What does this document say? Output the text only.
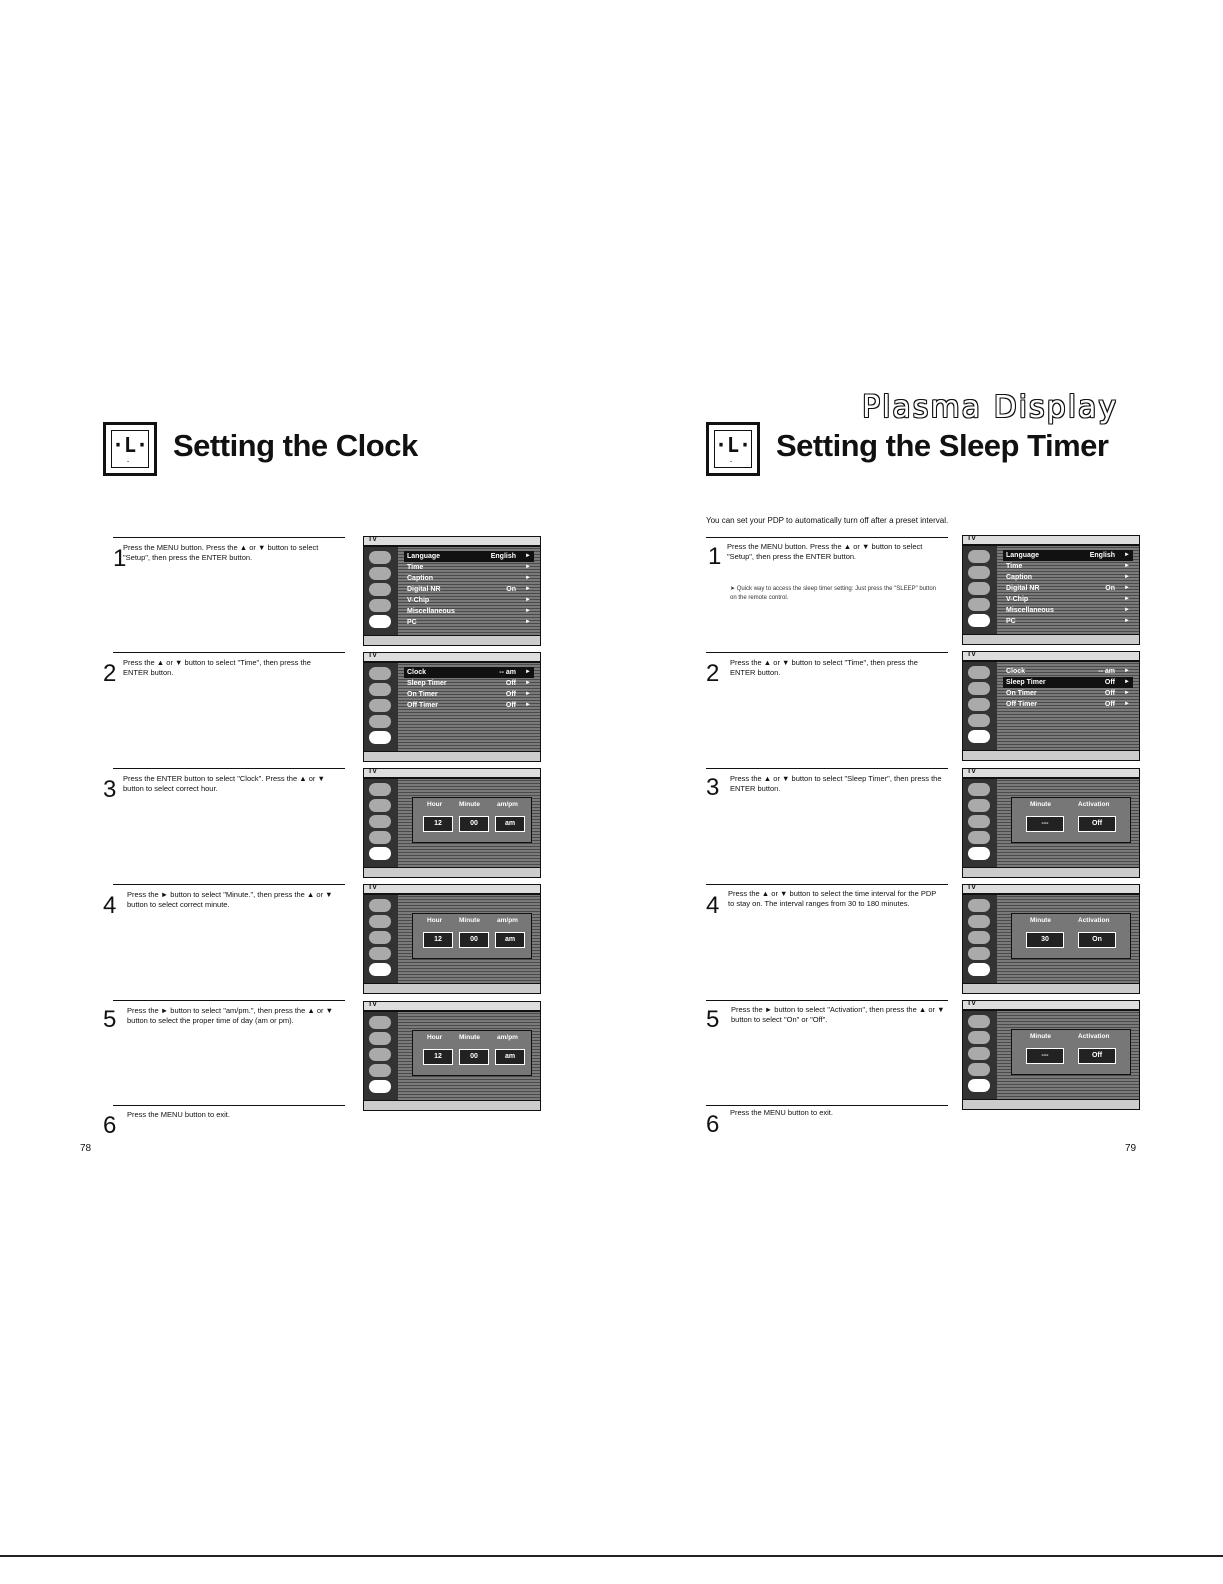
·L·
·	Setting the Clock
1
Press the MENU button. Press the ▲ or ▼ button to select "Setup", then press the ENTER button.
2 Press the ▲ or ▼ button to select "Time", then press the ENTER button.
3 Press the ENTER button to select "Clock". Press the ▲ or ▼ button to select correct hour.
4 Press the ► button to select "Minute.", then press the ▲ or ▼ button to select correct minute.
5 Press the ► button to select "am/pm.", then press the ▲ or ▼ button to select the proper time of day (am or pm).
6 Press the MENU button to exit.
78
TV
Language	English ►
Time	►
Caption	►
Digital NR	On ►
V-Chip	►
Miscellaneous	►
PC	►
TV
Clock	-- am ►
Sleep Timer	Off ►
On Timer	Off ►
Off Timer	Off ►
TV
Hour	Minute	am/pm
12	00	am
TV
Hour	Minute	am/pm
12	00	am
TV
Hour	Minute	am/pm
12	00	am
Plasma Display
·L·
·	Setting the Sleep Timer
You can set your PDP to automatically turn off after a preset interval.
1 Press the MENU button. Press the ▲ or ▼ button to select "Setup", then press the ENTER button.
➤ Quick way to access the sleep timer setting: Just press the "SLEEP" button on the remote control.
2 Press the ▲ or ▼ button to select "Time", then press the ENTER button.
3 Press the ▲ or ▼ button to select "Sleep Timer", then press the ENTER button.
4 Press the ▲ or ▼ button to select the time interval for the PDP to stay on. The interval ranges from 30 to 180 minutes.
5 Press the ► button to select "Activation", then press the ▲ or ▼ button to select "On" or "Off".
6 Press the MENU button to exit.
79
TV
Language	English ►
Time	►
Caption	►
Digital NR	On ►
V-Chip	►
Miscellaneous	►
PC	►
TV
Clock	-- am ►
Sleep Timer	Off ►
On Timer	Off ►
Off Timer	Off ►
TV
Minute	Activation
---	Off
TV
Minute	Activation
30	On
TV
Minute	Activation
---	Off
